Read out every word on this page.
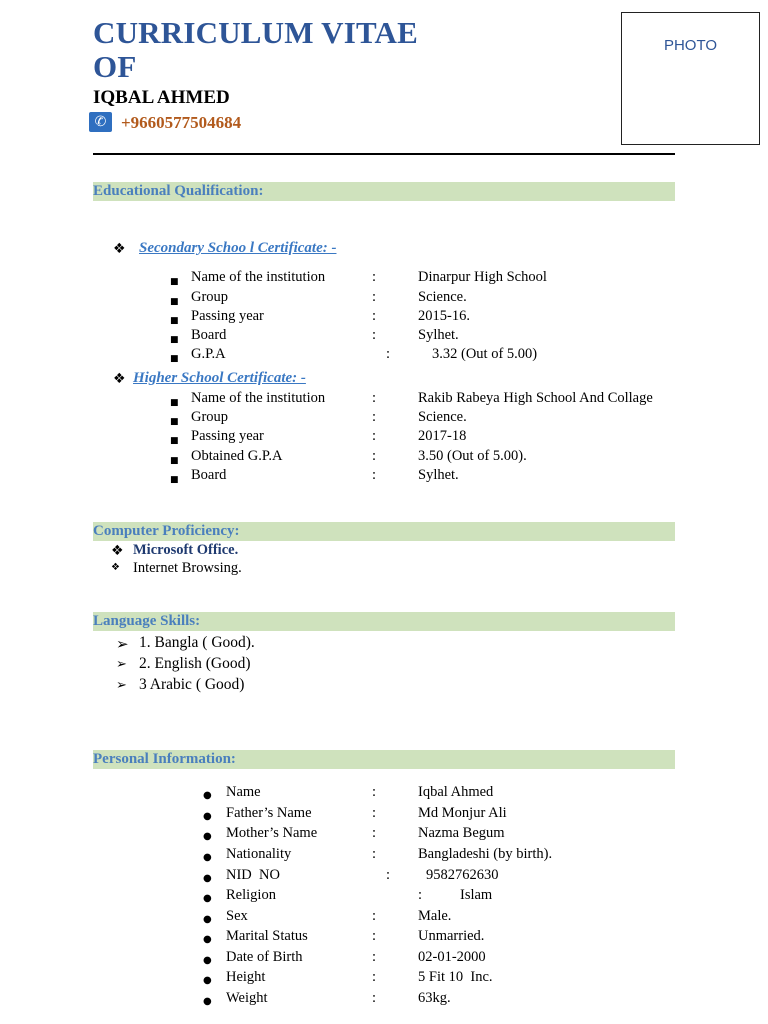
CURRICULUM VITAE
OF
IQBAL AHMED
✆ +9660577504684
PHOTO
Educational Qualification:
❖ Secondary Schoo l Certificate: -
■ Name of the institution	:	Dinarpur High School
■ Group	:	Science.
■ Passing year	:	2015-16.
■ Board	:	Sylhet.
■ G.P.A	:	3.32 (Out of 5.00)
❖ Higher School Certificate: -
■ Name of the institution	:	Rakib Rabeya High School And Collage
■ Group	:	Science.
■ Passing year	:	2017-18
■ Obtained G.P.A	:	3.50 (Out of 5.00).
■ Board	:	Sylhet.
Computer Proficiency:
❖ Microsoft Office.
❖ Internet Browsing.
Language Skills:
➢ 1. Bangla ( Good).
➢ 2. English (Good)
➢ 3 Arabic ( Good)
Personal Information:
● Name	:	Iqbal Ahmed
● Father’s Name	:	Md Monjur Ali
● Mother’s Name	:	Nazma Begum
● Nationality	:	Bangladeshi (by birth).
● NID  NO	: 9582762630
● Religion	:	Islam
● Sex	:	Male.
● Marital Status	:	Unmarried.
● Date of Birth	:	02-01-2000
● Height	:	5 Fit 10  Inc.
● Weight	:	63kg.
